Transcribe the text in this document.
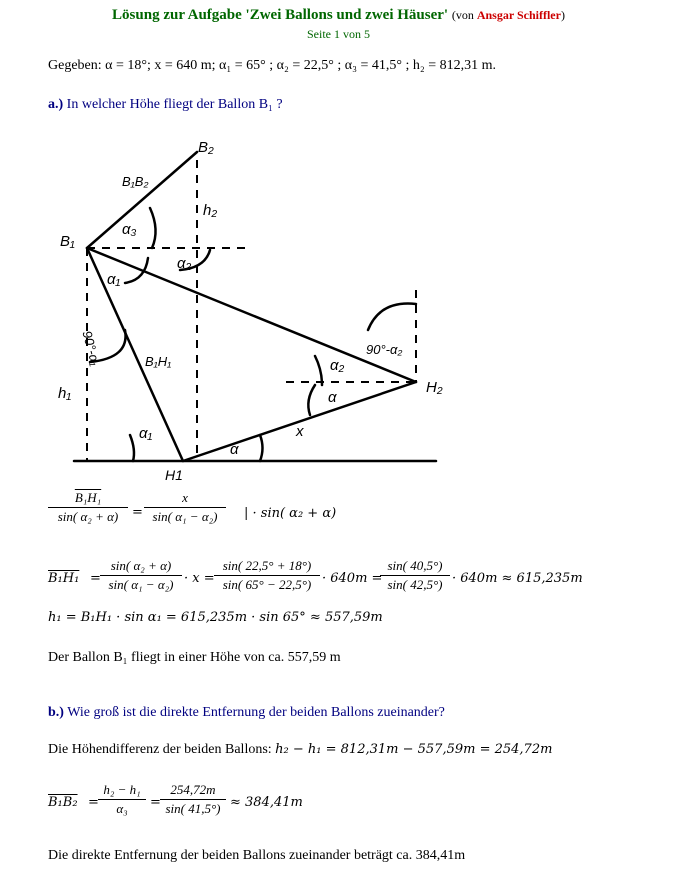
Lösung zur Aufgabe 'Zwei Ballons und zwei Häuser' (von Ansgar Schiffler)
Seite 1 von 5
Gegeben: α = 18°; x = 640 m; α₁ = 65° ; α₂ = 22,5° ; α₃ = 41,5° ; h₂ = 812,31 m.
a.) In welcher Höhe fliegt der Ballon B₁ ?
B₁
B₂
H1
H₂
h₁
h₂
B₁B₂
B₁H₁
α₃
α₂
α₁
α₁
α
α
α₂
x
90°-α₁	90°-α₂
B₁H₁
sin( α₂ + α)	=
x
sin( α₁ − α₂)	| · sin( α₂ + α)
B₁H₁ =
sin( α₂ + α)
sin( α₁ − α₂) · x =
sin( 22,5° + 18°)
sin( 65° − 22,5°) · 640m =
sin( 40,5°)
sin( 42,5°) · 640m ≈ 615,235m
h₁ = B₁H₁ · sin α₁ = 615,235m · sin 65° ≈ 557,59m
Der Ballon B₁ fliegt in einer Höhe von ca. 557,59 m
b.) Wie groß ist die direkte Entfernung der beiden Ballons zueinander?
Die Höhendifferenz der beiden Ballons: h₂ − h₁ = 812,31m − 557,59m = 254,72m
B₁B₂ =
h₂ − h₁
α₃	=
254,72m
sin( 41,5°) ≈ 384,41m
Die direkte Entfernung der beiden Ballons zueinander beträgt ca. 384,41m
